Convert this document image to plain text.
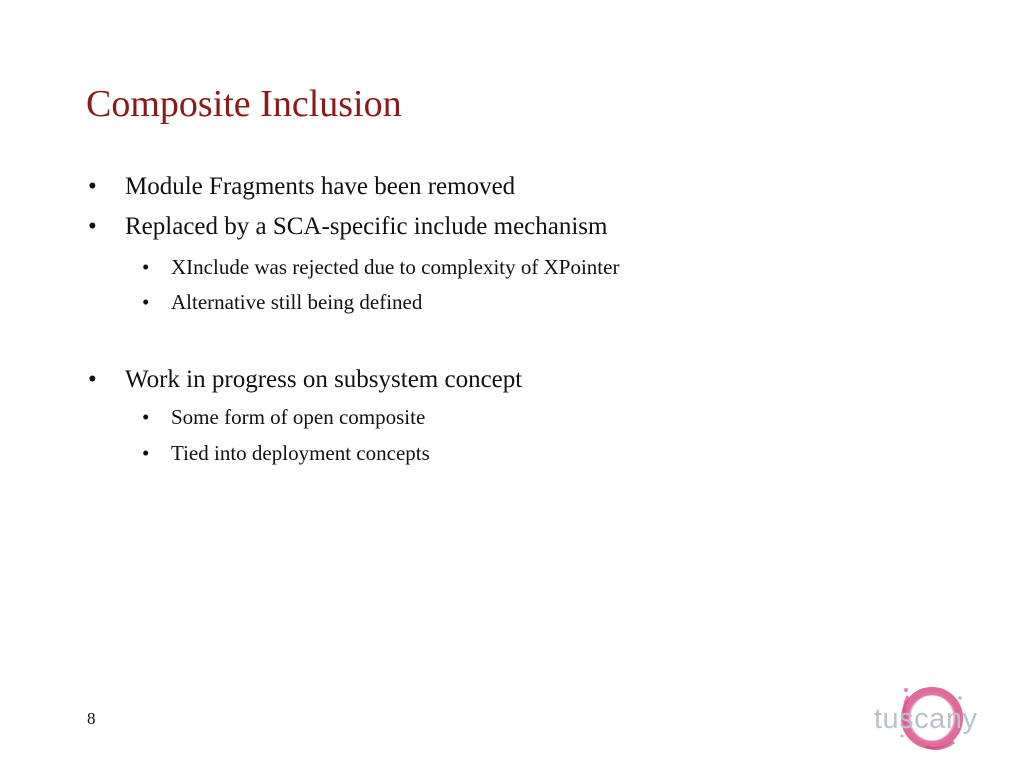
Composite Inclusion
• Module Fragments have been removed
• Replaced by a SCA-specific include mechanism
• XInclude was rejected due to complexity of XPointer
• Alternative still being defined
• Work in progress on subsystem concept
• Some form of open composite
• Tied into deployment concepts
8	tuscany
